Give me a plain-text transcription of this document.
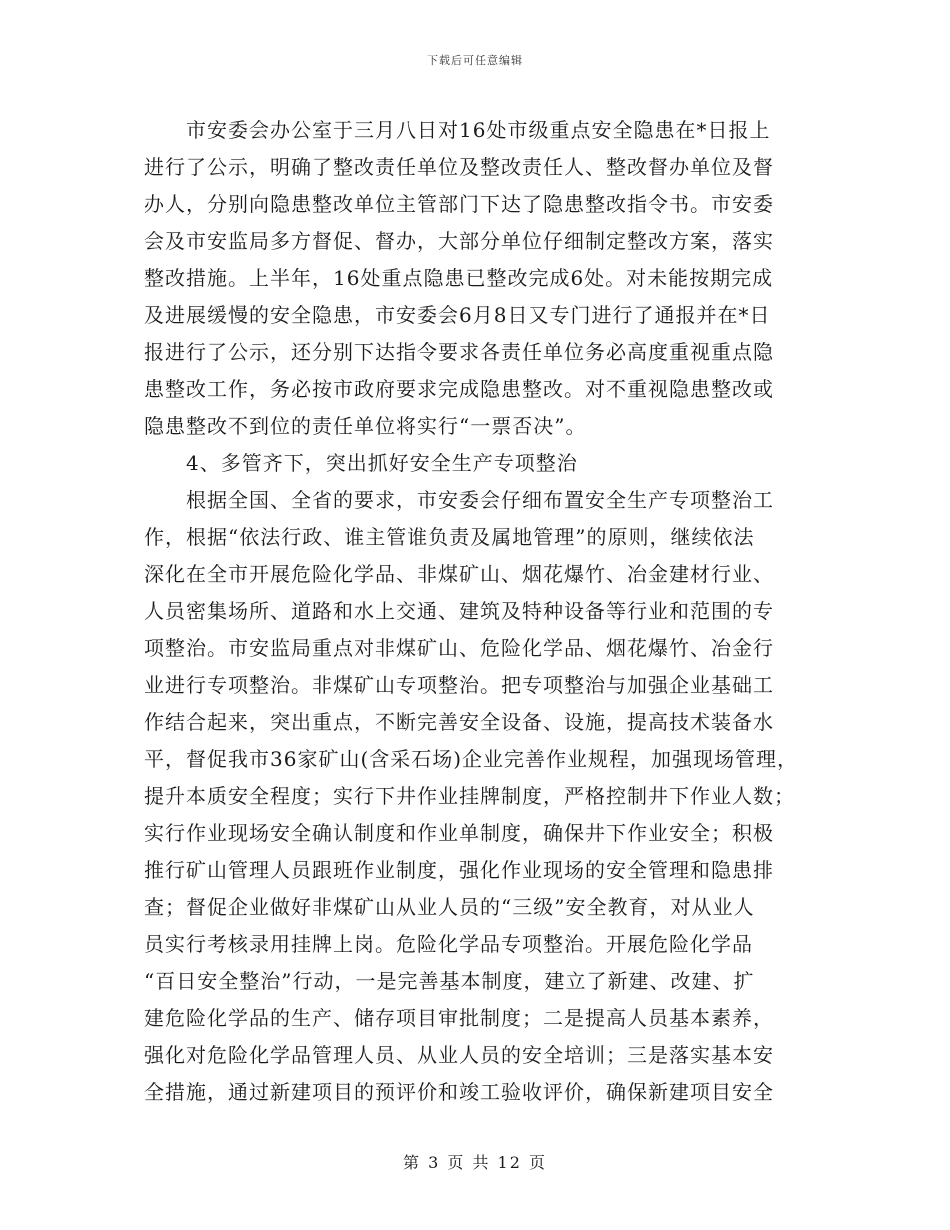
下载后可任意编辑
市安委会办公室于三月八日对16处市级重点安全隐患在*日报上
进行了公示，明确了整改责任单位及整改责任人、整改督办单位及督
办人，分别向隐患整改单位主管部门下达了隐患整改指令书。市安委
会及市安监局多方督促、督办，大部分单位仔细制定整改方案，落实
整改措施。上半年，16处重点隐患已整改完成6处。对未能按期完成
及进展缓慢的安全隐患，市安委会6月8日又专门进行了通报并在*日
报进行了公示，还分别下达指令要求各责任单位务必高度重视重点隐
患整改工作，务必按市政府要求完成隐患整改。对不重视隐患整改或
隐患整改不到位的责任单位将实行“一票否决”。
4、多管齐下，突出抓好安全生产专项整治
根据全国、全省的要求，市安委会仔细布置安全生产专项整治工
作，根据“依法行政、谁主管谁负责及属地管理”的原则，继续依法
深化在全市开展危险化学品、非煤矿山、烟花爆竹、冶金建材行业、
人员密集场所、道路和水上交通、建筑及特种设备等行业和范围的专
项整治。市安监局重点对非煤矿山、危险化学品、烟花爆竹、冶金行
业进行专项整治。非煤矿山专项整治。把专项整治与加强企业基础工
作结合起来，突出重点，不断完善安全设备、设施，提高技术装备水
平，督促我市36家矿山(含采石场)企业完善作业规程，加强现场管理，
提升本质安全程度；实行下井作业挂牌制度，严格控制井下作业人数；
实行作业现场安全确认制度和作业单制度，确保井下作业安全；积极
推行矿山管理人员跟班作业制度，强化作业现场的安全管理和隐患排
查；督促企业做好非煤矿山从业人员的“三级”安全教育，对从业人
员实行考核录用挂牌上岗。危险化学品专项整治。开展危险化学品
“百日安全整治”行动，一是完善基本制度，建立了新建、改建、扩
建危险化学品的生产、储存项目审批制度；二是提高人员基本素养，
强化对危险化学品管理人员、从业人员的安全培训；三是落实基本安
全措施，通过新建项目的预评价和竣工验收评价，确保新建项目安全
第 3 页 共 12 页
